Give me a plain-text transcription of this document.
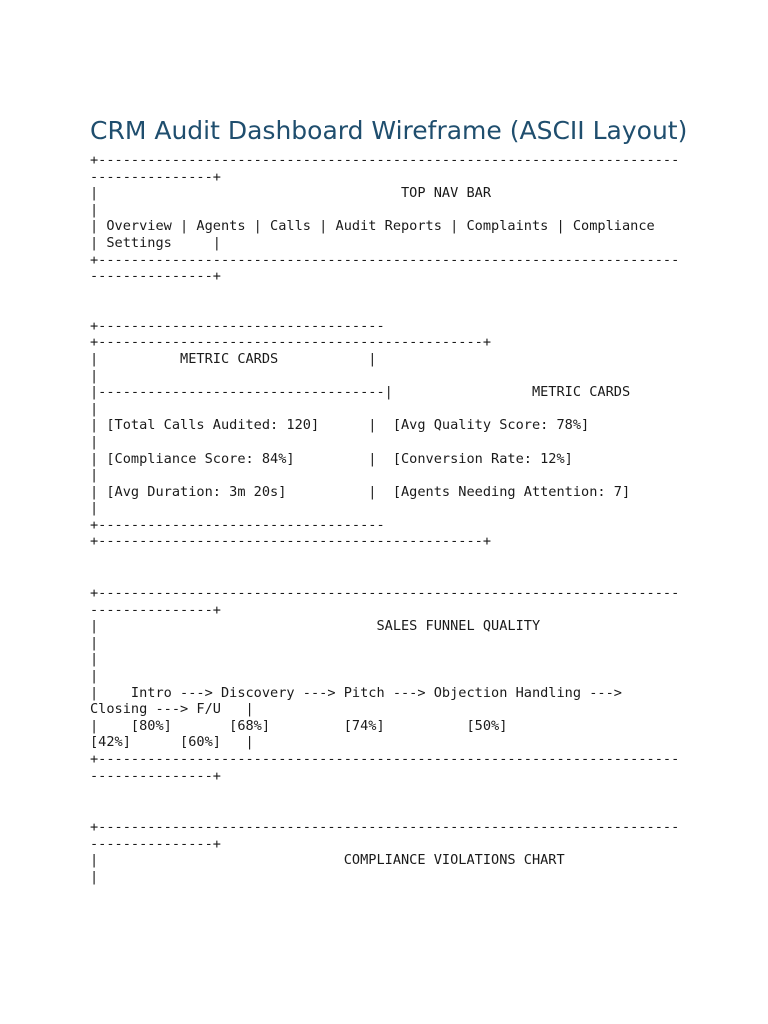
CRM Audit Dashboard Wireframe (ASCII Layout)
+-----------------------------------------------------------------------
---------------+
|                                     TOP NAV BAR
|
| Overview | Agents | Calls | Audit Reports | Complaints | Compliance
| Settings     |
+-----------------------------------------------------------------------
---------------+
+-----------------------------------
+-----------------------------------------------+
|          METRIC CARDS           |
|
|-----------------------------------|                 METRIC CARDS
|
| [Total Calls Audited: 120]      |  [Avg Quality Score: 78%]
|
| [Compliance Score: 84%]         |  [Conversion Rate: 12%]
|
| [Avg Duration: 3m 20s]          |  [Agents Needing Attention: 7]
|
+-----------------------------------
+-----------------------------------------------+
+-----------------------------------------------------------------------
---------------+
|                                  SALES FUNNEL QUALITY
|
|
|
|    Intro ---> Discovery ---> Pitch ---> Objection Handling --->
Closing ---> F/U   |
|    [80%]       [68%]         [74%]          [50%]
[42%]      [60%]   |
+-----------------------------------------------------------------------
---------------+
+-----------------------------------------------------------------------
---------------+
|                              COMPLIANCE VIOLATIONS CHART
|
